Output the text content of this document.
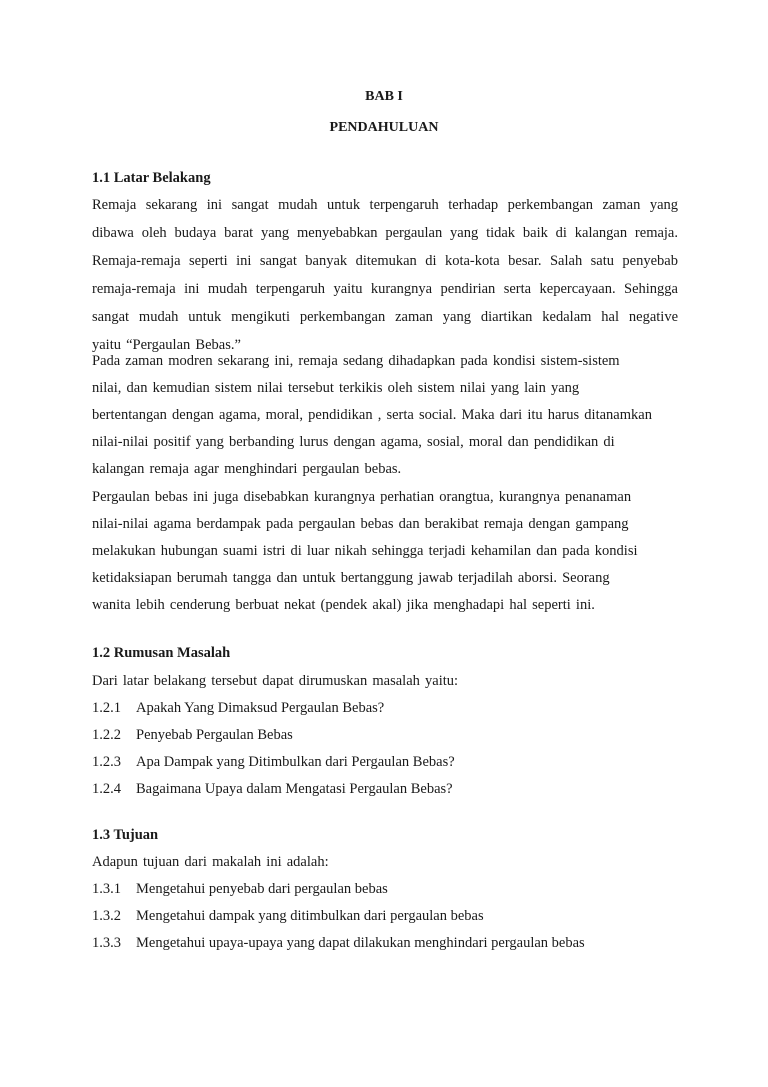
BAB I
PENDAHULUAN
1.1 Latar Belakang
Remaja sekarang ini sangat mudah untuk terpengaruh terhadap perkembangan zaman yang
dibawa oleh budaya barat yang menyebabkan pergaulan yang tidak baik di kalangan remaja.
Remaja-remaja seperti ini sangat banyak ditemukan di kota-kota besar. Salah satu penyebab
remaja-remaja ini mudah terpengaruh yaitu kurangnya pendirian serta kepercayaan. Sehingga
sangat mudah untuk mengikuti perkembangan zaman yang diartikan kedalam hal negative
yaitu “Pergaulan Bebas.”
Pada zaman modren sekarang ini, remaja sedang dihadapkan pada kondisi sistem-sistem
nilai, dan kemudian sistem nilai tersebut terkikis oleh sistem nilai yang lain yang
bertentangan dengan agama, moral, pendidikan , serta social. Maka dari itu harus ditanamkan
nilai-nilai positif yang berbanding lurus dengan agama, sosial, moral dan pendidikan di
kalangan remaja agar menghindari pergaulan bebas.
Pergaulan bebas ini juga disebabkan kurangnya perhatian orangtua, kurangnya penanaman
nilai-nilai agama berdampak pada pergaulan bebas dan berakibat remaja dengan gampang
melakukan hubungan suami istri di luar nikah sehingga terjadi kehamilan dan pada kondisi
ketidaksiapan berumah tangga dan untuk bertanggung jawab terjadilah aborsi. Seorang
wanita lebih cenderung berbuat nekat (pendek akal) jika menghadapi hal seperti ini.
1.2 Rumusan Masalah
Dari latar belakang tersebut dapat dirumuskan masalah yaitu:
1.2.1 Apakah Yang Dimaksud Pergaulan Bebas?
1.2.2 Penyebab Pergaulan Bebas
1.2.3 Apa Dampak yang Ditimbulkan dari Pergaulan Bebas?
1.2.4 Bagaimana Upaya dalam Mengatasi Pergaulan Bebas?
1.3 Tujuan
Adapun tujuan dari makalah ini adalah:
1.3.1 Mengetahui penyebab dari pergaulan bebas
1.3.2 Mengetahui dampak yang ditimbulkan dari pergaulan bebas
1.3.3 Mengetahui upaya-upaya yang dapat dilakukan menghindari pergaulan bebas
